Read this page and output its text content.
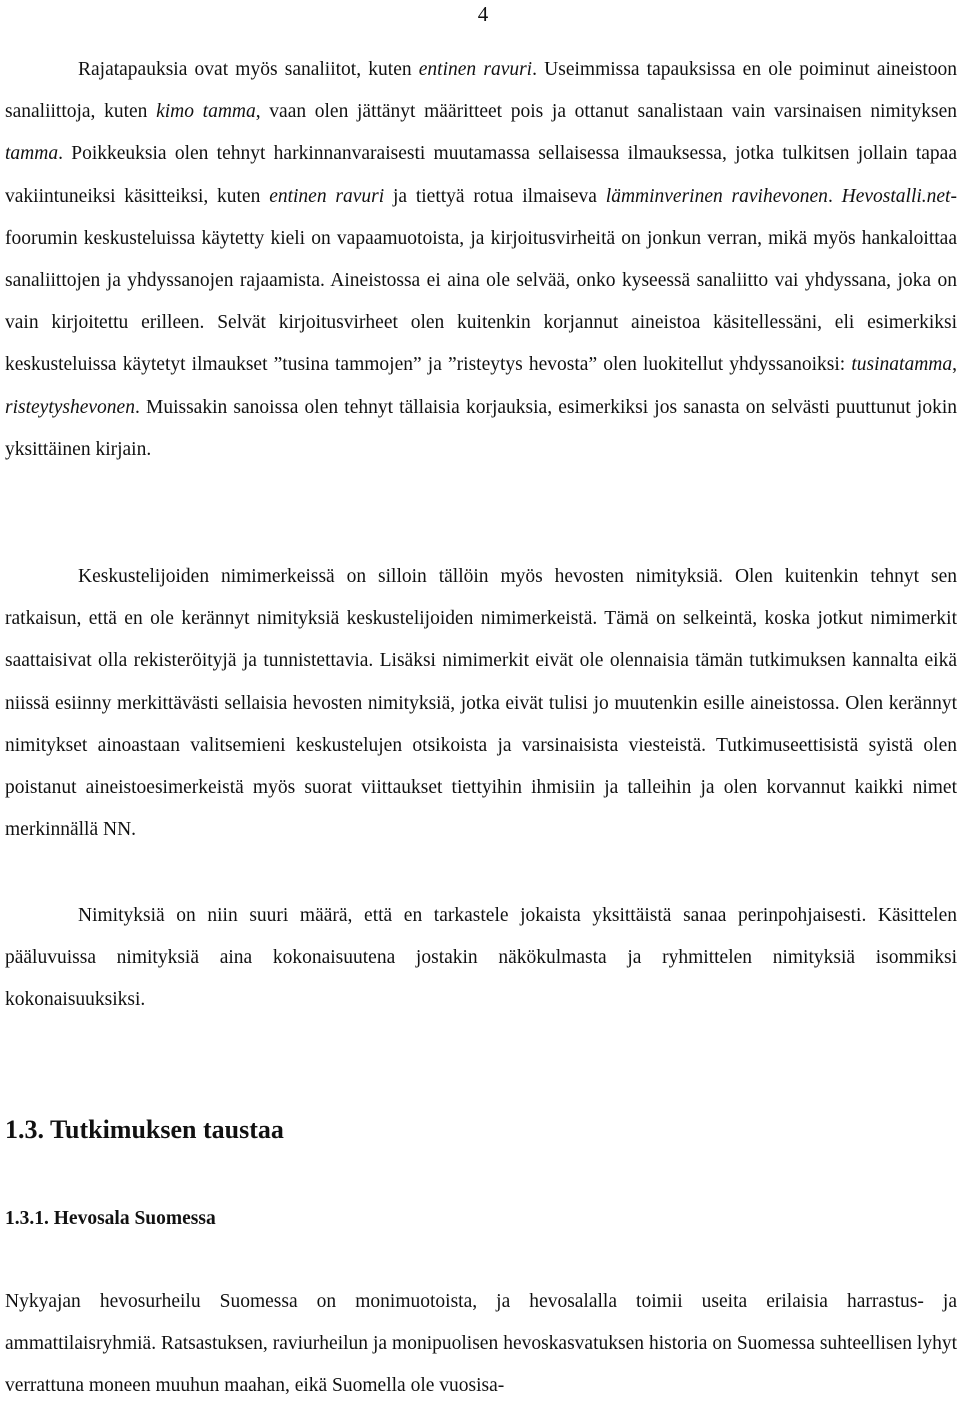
4

Rajatapauksia ovat myös sanaliitot, kuten entinen ravuri. Useimmissa tapauksissa en ole poiminut aineistoon sanaliittoja, kuten kimo tamma, vaan olen jättänyt määritteet pois ja ottanut sanalistaan vain varsinaisen nimityksen tamma. Poikkeuksia olen tehnyt harkinnanvaraisesti muutamassa sellaisessa ilmauksessa, jotka tulkitsen jollain tapaa vakiintuneiksi käsitteiksi, kuten entinen ravuri ja tiettyä rotua ilmaiseva lämminverinen ravihevonen. Hevostalli.net-foorumin keskusteluissa käytetty kieli on vapaamuotoista, ja kirjoitusvirheitä on jonkun verran, mikä myös hankaloittaa sanaliittojen ja yhdyssanojen rajaamista. Aineistossa ei aina ole selvää, onko kyseessä sanaliitto vai yhdyssana, joka on vain kirjoitettu erilleen. Selvät kirjoitusvirheet olen kuitenkin korjannut aineistoa käsitellessäni, eli esimerkiksi keskusteluissa käytetyt ilmaukset ”tusina tammojen” ja ”risteytys hevosta” olen luokitellut yhdyssanoiksi: tusinatamma, risteytyshevonen. Muissakin sanoissa olen tehnyt tällaisia korjauksia, esimerkiksi jos sanasta on selvästi puuttunut jokin yksittäinen kirjain.

Keskustelijoiden nimimerkeissä on silloin tällöin myös hevosten nimityksiä. Olen kuitenkin tehnyt sen ratkaisun, että en ole kerännyt nimityksiä keskustelijoiden nimimerkeistä. Tämä on selkeintä, koska jotkut nimimerkit saattaisivat olla rekisteröityjä ja tunnistettavia. Lisäksi nimimerkit eivät ole olennaisia tämän tutkimuksen kannalta eikä niissä esiinny merkittävästi sellaisia hevosten nimityksiä, jotka eivät tulisi jo muutenkin esille aineistossa. Olen kerännyt nimitykset ainoastaan valitsemieni keskustelujen otsikoista ja varsinaisista viesteistä. Tutkimuseettisistä syistä olen poistanut aineistoesimerkeistä myös suorat viittaukset tiettyihin ihmisiin ja talleihin ja olen korvannut kaikki nimet merkinnällä NN.

Nimityksiä on niin suuri määrä, että en tarkastele jokaista yksittäistä sanaa perinpohjaisesti. Käsittelen pääluvuissa nimityksiä aina kokonaisuutena jostakin näkökulmasta ja ryhmittelen nimityksiä isommiksi kokonaisuuksiksi.

1.3. Tutkimuksen taustaa
1.3.1. Hevosala Suomessa

Nykyajan hevosurheilu Suomessa on monimuotoista, ja hevosalalla toimii useita erilaisia harrastus- ja ammattilaisryhmiä. Ratsastuksen, raviurheilun ja monipuolisen hevoskasvatuksen historia on Suomessa suhteellisen lyhyt verrattuna moneen muuhun maahan, eikä Suomella ole vuosisa-
